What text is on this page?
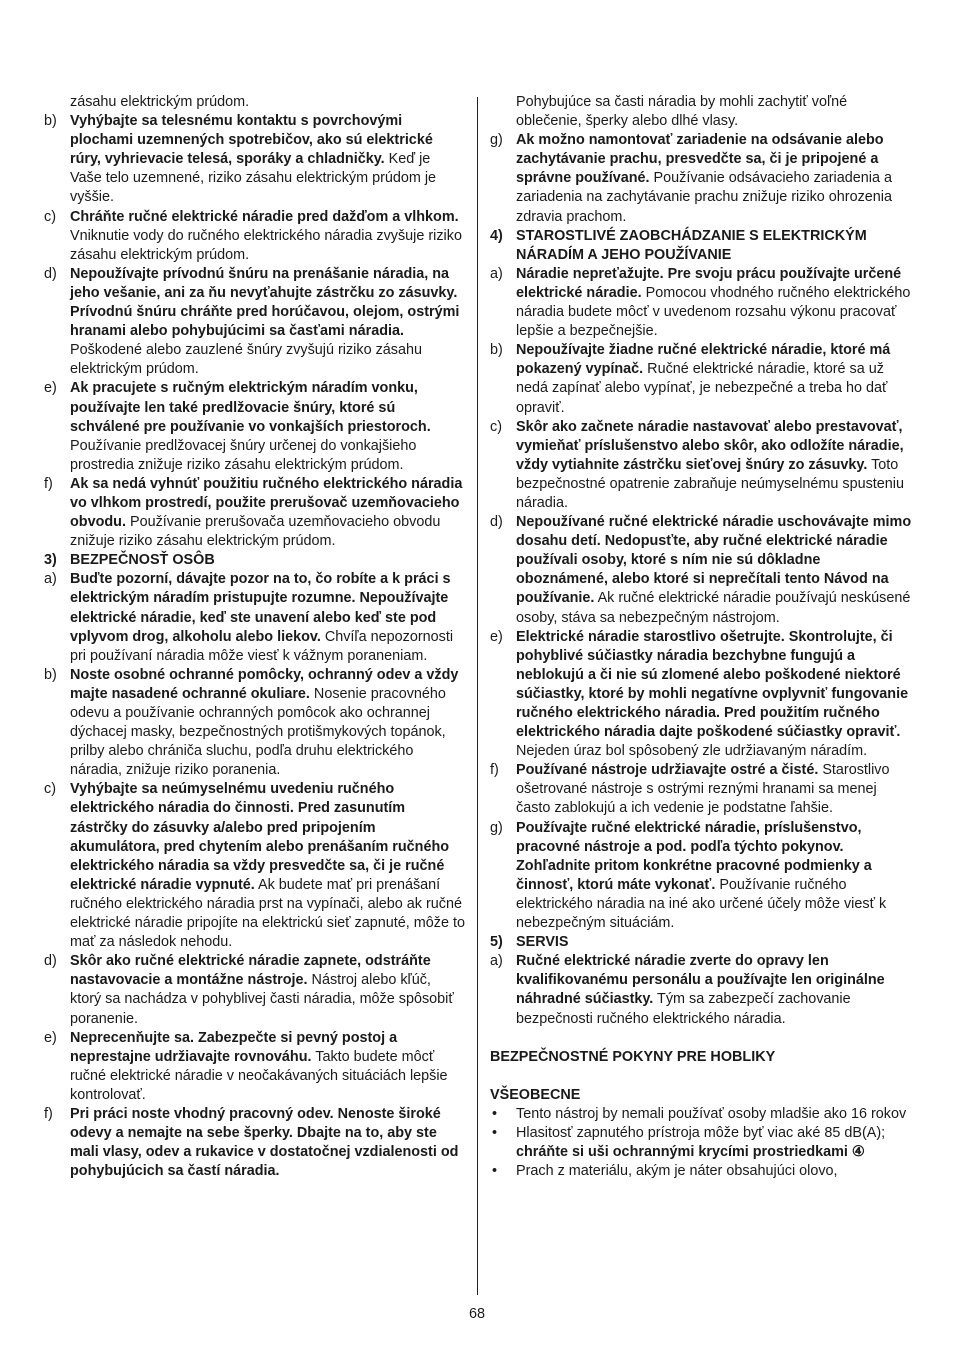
zásahu elektrickým prúdom.
b) Vyhýbajte sa telesnému kontaktu s povrchovými plochami uzemnených spotrebičov, ako sú elektrické rúry, vyhrievacie telesá, sporáky a chladničky. Keď je Vaše telo uzemnené, riziko zásahu elektrickým prúdom je vyššie.
c) Chráňte ručné elektrické náradie pred dažďom a vlhkom. Vniknutie vody do ručného elektrického náradia zvyšuje riziko zásahu elektrickým prúdom.
d) Nepoužívajte prívodnú šnúru na prenášanie náradia, na jeho vešanie, ani za ňu nevyťahujte zástrčku zo zásuvky. Prívodnú šnúru chráňte pred horúčavou, olejom, ostrými hranami alebo pohybujúcimi sa časťami náradia. Poškodené alebo zauzlené šnúry zvyšujú riziko zásahu elektrickým prúdom.
e) Ak pracujete s ručným elektrickým náradím vonku, používajte len také predlžovacie šnúry, ktoré sú schválené pre používanie vo vonkajších priestoroch. Používanie predlžovacej šnúry určenej do vonkajšieho prostredia znižuje riziko zásahu elektrickým prúdom.
f) Ak sa nedá vyhnúť použitiu ručného elektrického náradia vo vlhkom prostredí, použite prerušovač uzemňovacieho obvodu. Používanie prerušovača uzemňovacieho obvodu znižuje riziko zásahu elektrickým prúdom.
3) BEZPEČNOSŤ OSÔB
a) Buďte pozorní, dávajte pozor na to, čo robíte a k práci s elektrickým náradím pristupujte rozumne. Nepoužívajte elektrické náradie, keď ste unavení alebo keď ste pod vplyvom drog, alkoholu alebo liekov. Chvíľa nepozornosti pri používaní náradia môže viesť k vážnym poraneniam.
b) Noste osobné ochranné pomôcky, ochranný odev a vždy majte nasadené ochranné okuliare. Nosenie pracovného odevu a používanie ochranných pomôcok ako ochrannej dýchacej masky, bezpečnostných protišmykových topánok, prilby alebo chrániča sluchu, podľa druhu elektrického náradia, znižuje riziko poranenia.
c) Vyhýbajte sa neúmyselnému uvedeniu ručného elektrického náradia do činnosti. Pred zasunutím zástrčky do zásuvky a/alebo pred pripojením akumulátora, pred chytením alebo prenášaním ručného elektrického náradia sa vždy presvedčte sa, či je ručné elektrické náradie vypnuté. Ak budete mať pri prenášaní ručného elektrického náradia prst na vypínači, alebo ak ručné elektrické náradie pripojíte na elektrickú sieť zapnuté, môže to mať za následok nehodu.
d) Skôr ako ručné elektrické náradie zapnete, odstráňte nastavovacie a montážne nástroje. Nástroj alebo kľúč, ktorý sa nachádza v pohyblivej časti náradia, môže spôsobiť poranenie.
e) Neprecenňujte sa. Zabezpečte si pevný postoj a neprestajne udržiavajte rovnováhu. Takto budete môcť ručné elektrické náradie v neočakávaných situáciách lepšie kontrolovať.
f) Pri práci noste vhodný pracovný odev. Nenoste široké odevy a nemajte na sebe šperky. Dbajte na to, aby ste mali vlasy, odev a rukavice v dostatočnej vzdialenosti od pohybujúcich sa častí náradia.
Pohybujúce sa časti náradia by mohli zachytiť voľné oblečenie, šperky alebo dlhé vlasy.
g) Ak možno namontovať zariadenie na odsávanie alebo zachytávanie prachu, presvedčte sa, či je pripojené a správne používané. Používanie odsávacieho zariadenia a zariadenia na zachytávanie prachu znižuje riziko ohrozenia zdravia prachom.
4) STAROSTLIVÉ ZAOBCHÁDZANIE S ELEKTRICKÝM NÁRADÍM A JEHO POUŽÍVANIE
a) Náradie nepreťažujte. Pre svoju prácu používajte určené elektrické náradie. Pomocou vhodného ručného elektrického náradia budete môcť v uvedenom rozsahu výkonu pracovať lepšie a bezpečnejšie.
b) Nepoužívajte žiadne ručné elektrické náradie, ktoré má pokazený vypínač. Ručné elektrické náradie, ktoré sa už nedá zapínať alebo vypínať, je nebezpečné a treba ho dať opraviť.
c) Skôr ako začnete náradie nastavovať alebo prestavovať, vymieňať príslušenstvo alebo skôr, ako odložíte náradie, vždy vytiahnite zástrčku sieťovej šnúry zo zásuvky. Toto bezpečnostné opatrenie zabraňuje neúmyselnému spusteniu náradia.
d) Nepoužívané ručné elektrické náradie uschovávajte mimo dosahu detí. Nedopusťte, aby ručné elektrické náradie používali osoby, ktoré s ním nie sú dôkladne oboznámené, alebo ktoré si neprečítali tento Návod na používanie. Ak ručné elektrické náradie používajú neskúsené osoby, stáva sa nebezpečným nástrojom.
e) Elektrické náradie starostlivo ošetrujte. Skontrolujte, či pohyblivé súčiastky náradia bezchybne fungujú a neblokujú a či nie sú zlomené alebo poškodené niektoré súčiastky, ktoré by mohli negatívne ovplyvniť fungovanie ručného elektrického náradia. Pred použitím ručného elektrického náradia dajte poškodené súčiastky opraviť. Nejeden úraz bol spôsobený zle udržiavaným náradím.
f) Používané nástroje udržiavajte ostré a čisté. Starostlivo ošetrované nástroje s ostrými reznými hranami sa menej často zablokujú a ich vedenie je podstatne ľahšie.
g) Používajte ručné elektrické náradie, príslušenstvo, pracovné nástroje a pod. podľa týchto pokynov. Zohľadnite pritom konkrétne pracovné podmienky a činnosť, ktorú máte vykonať. Používanie ručného elektrického náradia na iné ako určené účely môže viesť k nebezpečným situáciám.
5) SERVIS
a) Ručné elektrické náradie zverte do opravy len kvalifikovanému personálu a používajte len originálne náhradné súčiastky. Tým sa zabezpečí zachovanie bezpečnosti ručného elektrického náradia.
BEZPEČNOSTNÉ POKYNY PRE HOBLIKY
VŠEOBECNE
• Tento nástroj by nemali používať osoby mladšie ako 16 rokov
• Hlasitosť zapnutého prístroja môže byť viac aké 85 dB(A); chráňte si uši ochrannými krycími prostriedkami ④
• Prach z materiálu, akým je náter obsahujúci olovo,
68
